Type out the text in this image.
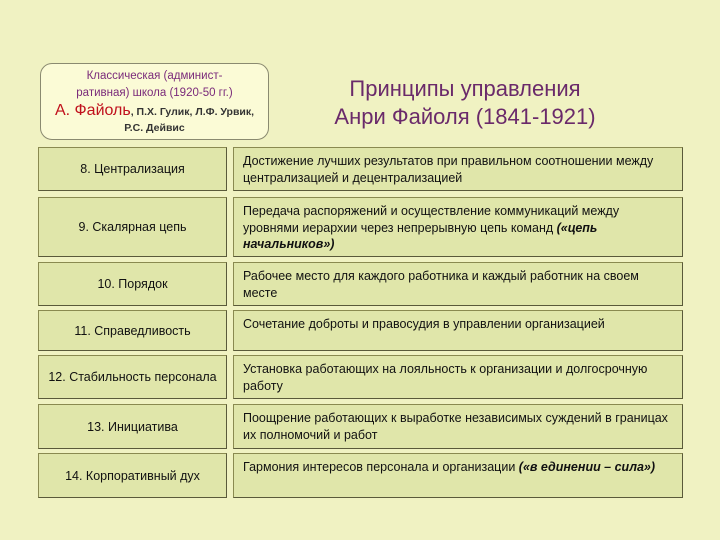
Классическая (админист-
ративная) школа (1920-50 гг.)
А. Файоль, П.Х. Гулик, Л.Ф. Урвик,
Р.С. Дейвис
Принципы управления
Анри Файоля (1841-1921)
8. Централизация
Достижение лучших результатов при правильном соотношении между централизацией и децентрализацией
9. Скалярная цепь
Передача распоряжений и осуществление коммуникаций между уровнями иерархии через непрерывную цепь команд («цепь начальников»)
10. Порядок
Рабочее место для каждого работника и каждый работник на своем месте
11. Справедливость	Сочетание доброты и правосудия в управлении организацией
12. Стабильность персонала
Установка работающих на лояльность к организации и долгосрочную работу
13. Инициатива
Поощрение работающих к выработке независимых суждений в границах их полномочий и работ
14. Корпоративный дух
Гармония интересов персонала и организации («в единении – сила»)
